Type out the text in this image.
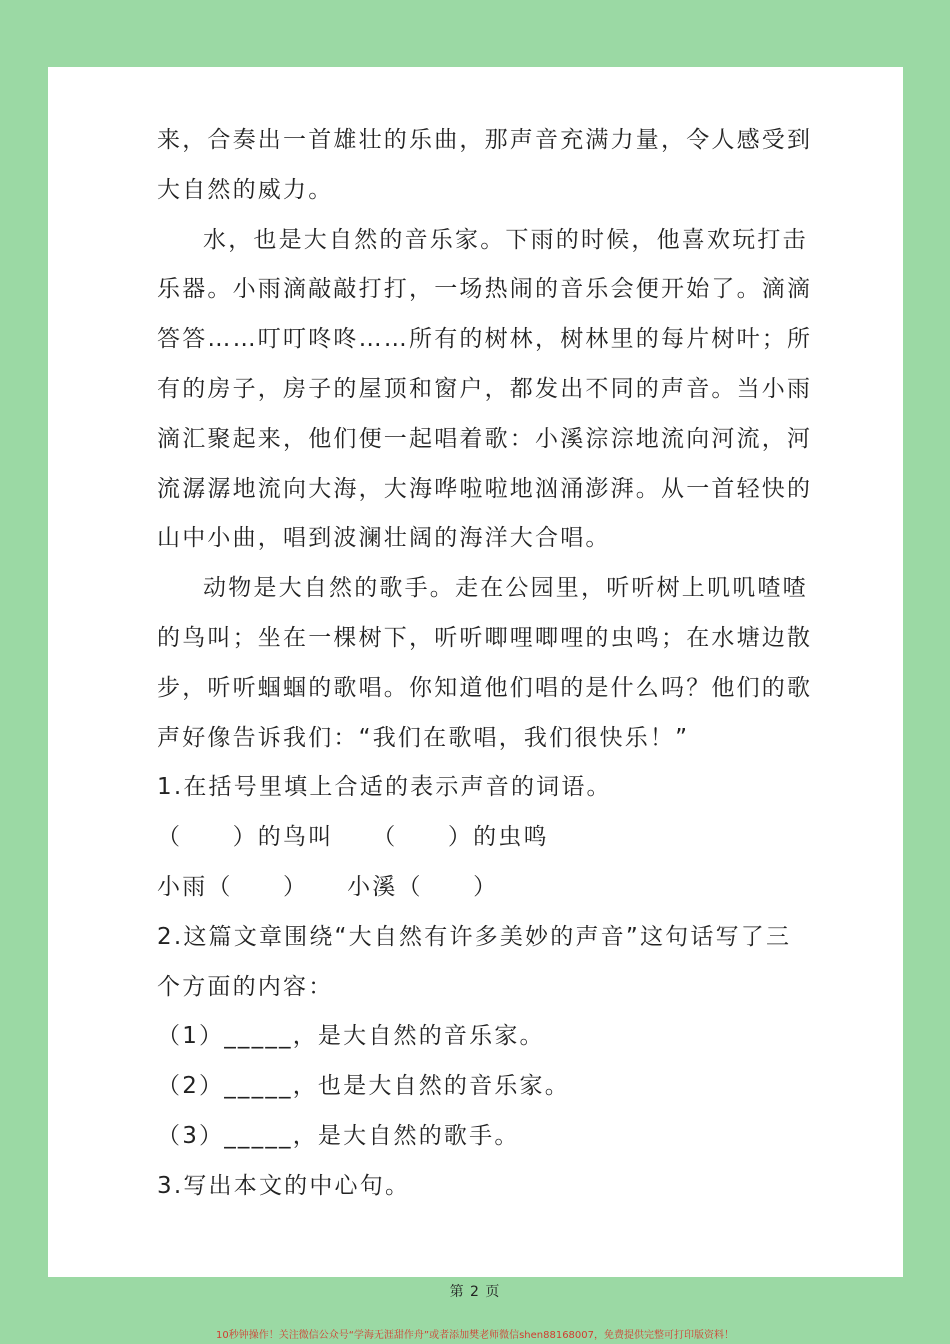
来，合奏出一首雄壮的乐曲，那声音充满力量，令人感受到
大自然的威力。
水，也是大自然的音乐家。下雨的时候，他喜欢玩打击
乐器。小雨滴敲敲打打，一场热闹的音乐会便开始了。滴滴
答答……叮叮咚咚……所有的树林，树林里的每片树叶；所
有的房子，房子的屋顶和窗户，都发出不同的声音。当小雨
滴汇聚起来，他们便一起唱着歌：小溪淙淙地流向河流，河
流潺潺地流向大海，大海哗啦啦地汹涌澎湃。从一首轻快的
山中小曲，唱到波澜壮阔的海洋大合唱。
动物是大自然的歌手。走在公园里，听听树上叽叽喳喳
的鸟叫；坐在一棵树下，听听唧哩唧哩的虫鸣；在水塘边散
步，听听蝈蝈的歌唱。你知道他们唱的是什么吗？他们的歌
声好像告诉我们：“我们在歌唱，我们很快乐！”
1.在括号里填上合适的表示声音的词语。
（　　）的鸟叫　　（　　）的虫鸣
小雨（　　）　　小溪（　　）
2.这篇文章围绕“大自然有许多美妙的声音”这句话写了三
个方面的内容：
（1）_____，是大自然的音乐家。
（2）_____，也是大自然的音乐家。
（3）_____，是大自然的歌手。
3.写出本文的中心句。
第 2 页
10秒钟操作！关注微信公众号“学海无涯甜作舟”或者添加樊老师微信shen88168007，免费提供完整可打印版资料！
